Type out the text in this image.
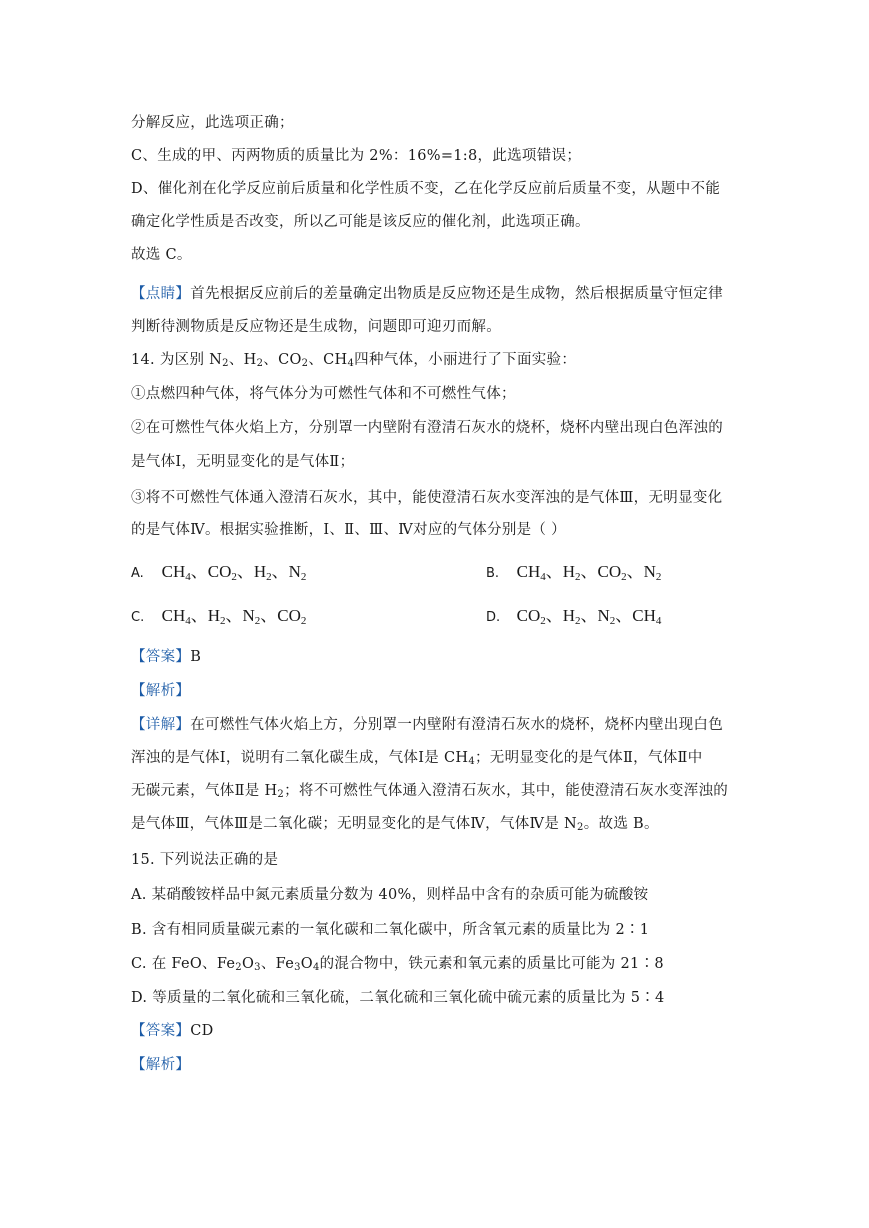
分解反应，此选项正确；
C、生成的甲、丙两物质的质量比为 2%：16%=1:8，此选项错误；
D、催化剂在化学反应前后质量和化学性质不变，乙在化学反应前后质量不变，从题中不能
确定化学性质是否改变，所以乙可能是该反应的催化剂，此选项正确。
故选 C。
【点睛】首先根据反应前后的差量确定出物质是反应物还是生成物，然后根据质量守恒定律
判断待测物质是反应物还是生成物，问题即可迎刃而解。
14. 为区别 N2、H2、CO2、CH4四种气体，小丽进行了下面实验：
①点燃四种气体，将气体分为可燃性气体和不可燃性气体；
②在可燃性气体火焰上方，分别罩一内壁附有澄清石灰水的烧杯，烧杯内壁出现白色浑浊的
是气体Ⅰ，无明显变化的是气体Ⅱ；
③将不可燃性气体通入澄清石灰水，其中，能使澄清石灰水变浑浊的是气体Ⅲ，无明显变化
的是气体Ⅳ。根据实验推断，Ⅰ、Ⅱ、Ⅲ、Ⅳ对应的气体分别是（ ）
A. $CH_4$、$CO_2$、$H_2$、$N_2$	B. $CH_4$、$H_2$、$CO_2$、$N_2$
C. $CH_4$、$H_2$、$N_2$、$CO_2$	D. $CO_2$、$H_2$、$N_2$、$CH_4$
【答案】B
【解析】
【详解】在可燃性气体火焰上方，分别罩一内壁附有澄清石灰水的烧杯，烧杯内壁出现白色
浑浊的是气体Ⅰ，说明有二氧化碳生成，气体Ⅰ是 CH4；无明显变化的是气体Ⅱ，气体Ⅱ中
无碳元素，气体Ⅱ是 H2；将不可燃性气体通入澄清石灰水，其中，能使澄清石灰水变浑浊的
是气体Ⅲ，气体Ⅲ是二氧化碳；无明显变化的是气体Ⅳ，气体Ⅳ是 N2。故选 B。
15. 下列说法正确的是
A. 某硝酸铵样品中氮元素质量分数为 40%，则样品中含有的杂质可能为硫酸铵
B. 含有相同质量碳元素的一氧化碳和二氧化碳中，所含氧元素的质量比为 2∶1
C. 在 FeO、Fe2O3、Fe3O4的混合物中，铁元素和氧元素的质量比可能为 21∶8
D. 等质量的二氧化硫和三氧化硫，二氧化硫和三氧化硫中硫元素的质量比为 5∶4
【答案】CD
【解析】
